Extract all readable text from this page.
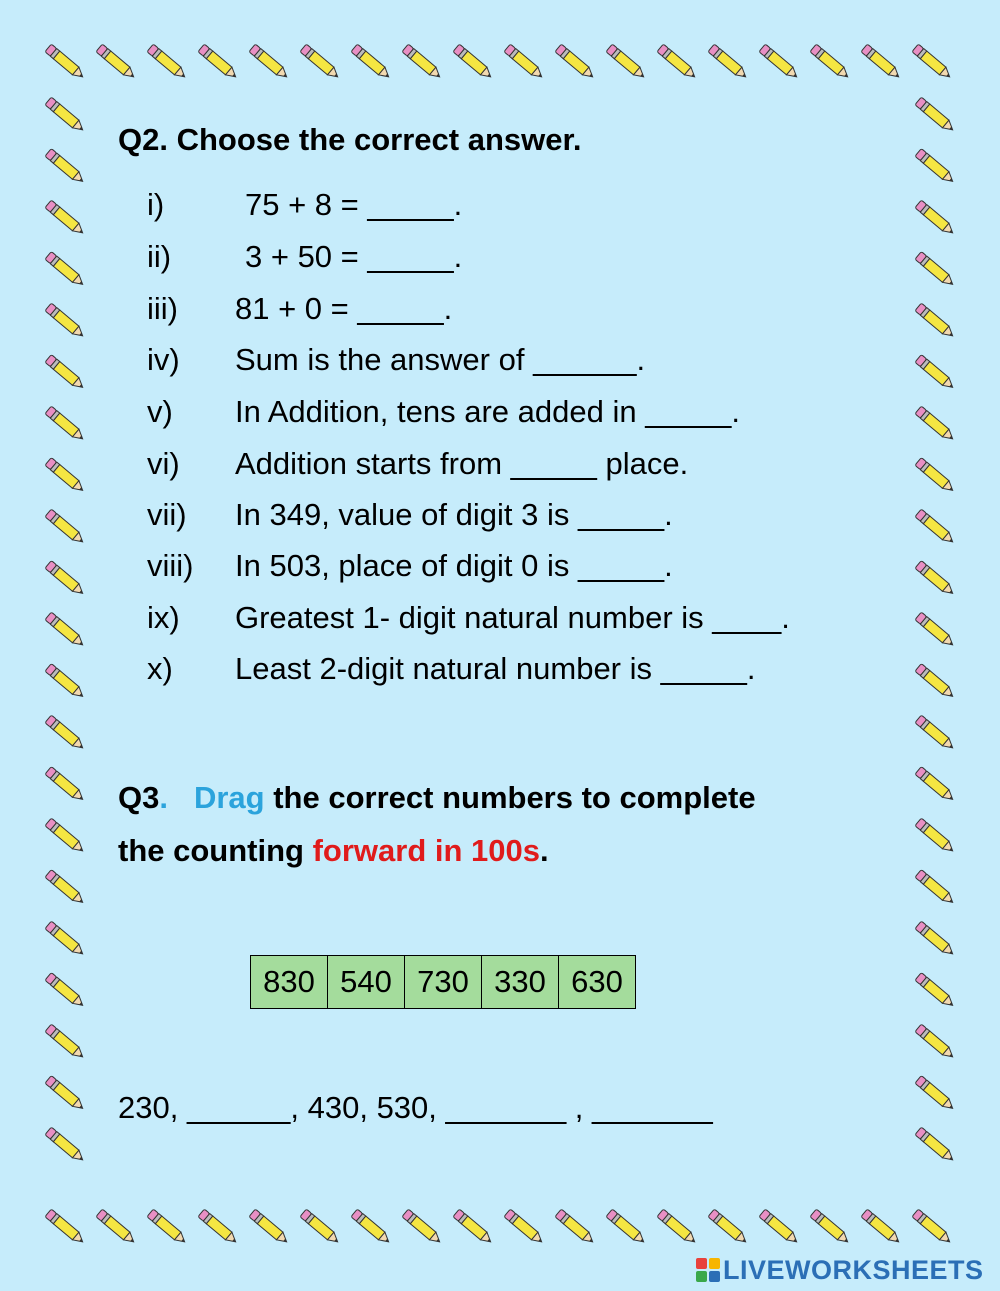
Q2. Choose the correct answer.

i)	75 + 8 = _____.

ii)3 + 50 = _____.

iii) 81 + 0 = _____.

iv) Sum is the answer of ______.

v) In Addition, tens are added in _____.

vi) Addition starts from _____ place.

vii) In 349, value of digit 3 is _____.

viii) In 503, place of digit 0 is _____.

ix) Greatest 1- digit natural number is ____.

x) Least 2-digit natural number is _____.

Q3. Drag the correct numbers to complete
the counting forward in 100s.
830 540 730 330 630
230, ______, 430, 530, _______ , _______
LIVEWORKSHEETS
